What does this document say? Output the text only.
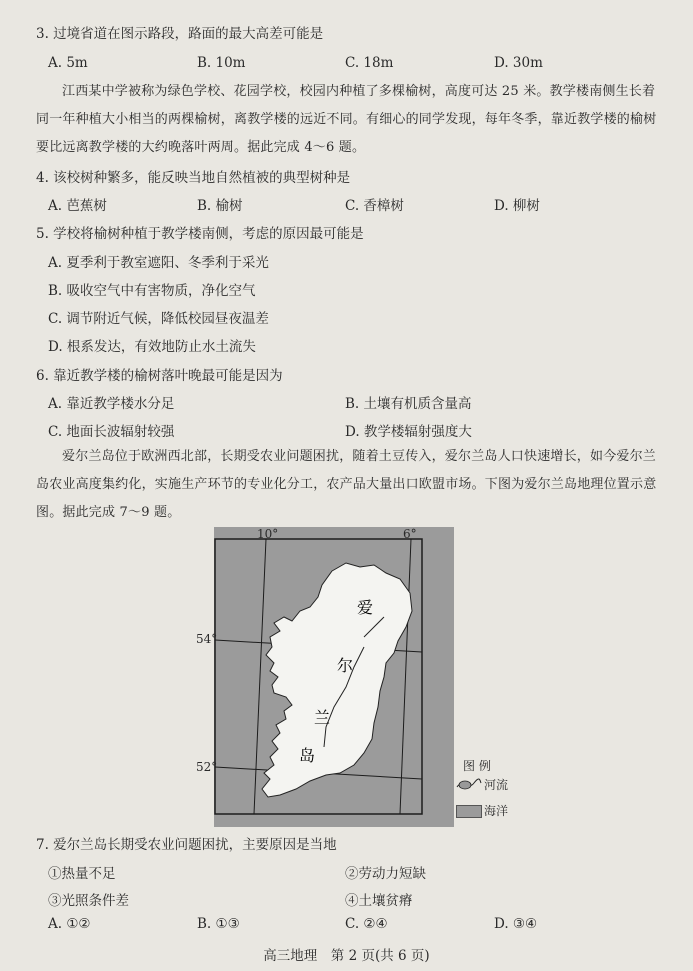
3. 过境省道在图示路段，路面的最大高差可能是
A. 5m	B. 10m	C. 18m	D. 30m
江西某中学被称为绿色学校、花园学校，校园内种植了多棵榆树，高度可达 25 米。教学楼南侧生长着同一年种植大小相当的两棵榆树，离教学楼的远近不同。有细心的同学发现，每年冬季，靠近教学楼的榆树要比远离教学楼的大约晚落叶两周。据此完成 4～6 题。
4. 该校树种繁多，能反映当地自然植被的典型树种是
A. 芭蕉树	B. 榆树	C. 香樟树	D. 柳树
5. 学校将榆树种植于教学楼南侧，考虑的原因最可能是
A. 夏季利于教室遮阳、冬季利于采光
B. 吸收空气中有害物质，净化空气
C. 调节附近气候，降低校园昼夜温差
D. 根系发达，有效地防止水土流失
6. 靠近教学楼的榆树落叶晚最可能是因为
A. 靠近教学楼水分足	B. 土壤有机质含量高
C. 地面长波辐射较强	D. 教学楼辐射强度大
爱尔兰岛位于欧洲西北部，长期受农业问题困扰，随着土豆传入，爱尔兰岛人口快速增长，如今爱尔兰岛农业高度集约化，实施生产环节的专业化分工，农产品大量出口欧盟市场。下图为爱尔兰岛地理位置示意图。据此完成 7～9 题。
爱
尔
兰
岛
10°	6°
54°
52°	图 例
河流
海洋
7. 爱尔兰岛长期受农业问题困扰，主要原因是当地
①热量不足	②劳动力短缺
③光照条件差	④土壤贫瘠
A. ①②	B. ①③	C. ②④	D. ③④
高三地理　第 2 页(共 6 页)
